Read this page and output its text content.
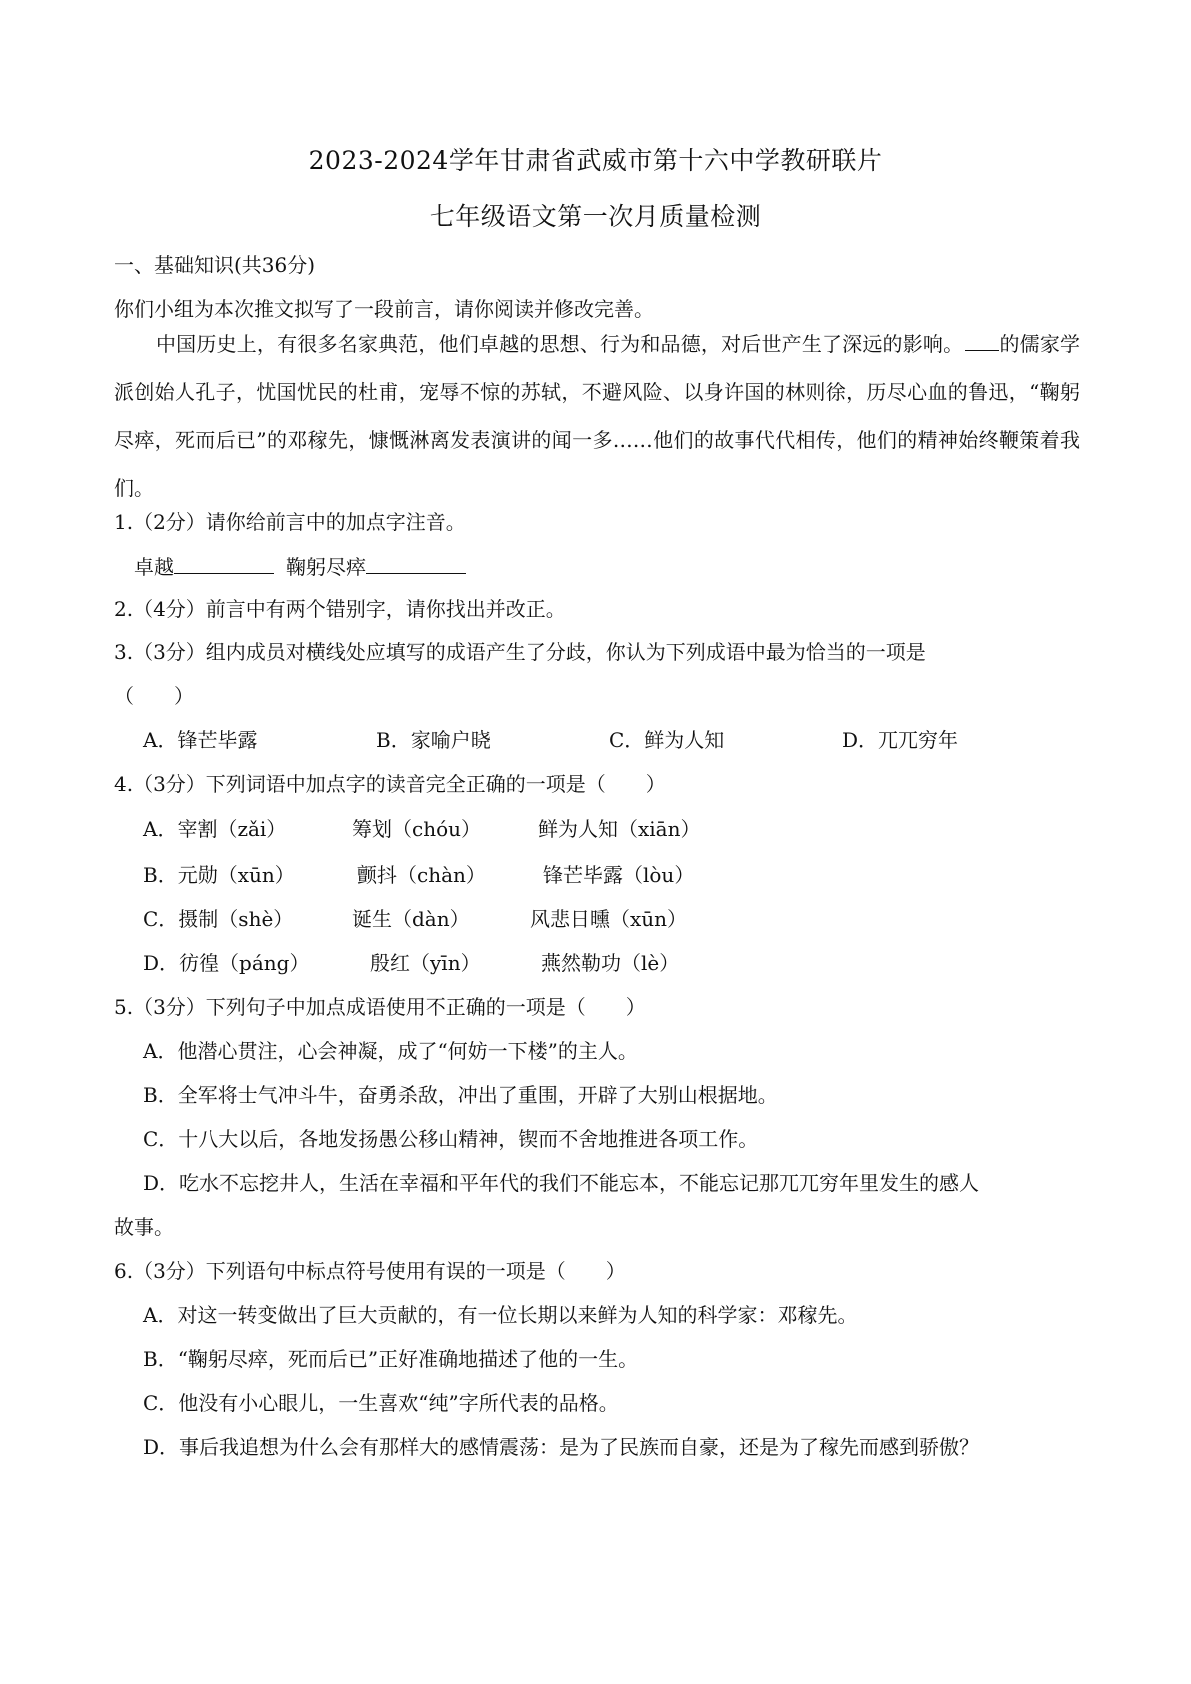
2023-2024学年甘肃省武威市第十六中学教研联片
七年级语文第一次月质量检测
一、基础知识(共36分)
你们小组为本次推文拟写了一段前言，请你阅读并修改完善。
中国历史上，有很多名家典范，他们卓越的思想、行为和品德，对后世产生了深远的影响。 的儒家学派创始人孔子，忧国忧民的杜甫，宠辱不惊的苏轼，不避风险、以身许国的林则徐，历尽心血的鲁迅，“鞠躬尽瘁，死而后已”的邓稼先，慷慨淋离发表演讲的闻一多……他们的故事代代相传，他们的精神始终鞭策着我们。
1.（2分）请你给前言中的加点字注音。
卓越	鞠躬尽瘁
2.（4分）前言中有两个错别字，请你找出并改正。
3.（3分）组内成员对横线处应填写的成语产生了分歧，你认为下列成语中最为恰当的一项是
（　　）
A．锋芒毕露	B．家喻户晓	C．鲜为人知	D．兀兀穷年
4.（3分）下列词语中加点字的读音完全正确的一项是（　　）
A．宰割（zǎi）	筹划（chóu）	鲜为人知（xiān）
B．元勋（xūn）	颤抖（chàn）	锋芒毕露（lòu）
C．摄制（shè）	诞生（dàn）	风悲日曛（xūn）
D．彷徨（páng）	殷红（yīn）	燕然勒功（lè）
5.（3分）下列句子中加点成语使用不正确的一项是（　　）
A．他潜心贯注，心会神凝，成了“何妨一下楼”的主人。
B．全军将士气冲斗牛，奋勇杀敌，冲出了重围，开辟了大别山根据地。
C．十八大以后，各地发扬愚公移山精神，锲而不舍地推进各项工作。
D．吃水不忘挖井人，生活在幸福和平年代的我们不能忘本，不能忘记那兀兀穷年里发生的感人
故事。
6.（3分）下列语句中标点符号使用有误的一项是（　　）
A．对这一转变做出了巨大贡献的，有一位长期以来鲜为人知的科学家：邓稼先。
B．“鞠躬尽瘁，死而后已”正好准确地描述了他的一生。
C．他没有小心眼儿，一生喜欢“纯”字所代表的品格。
D．事后我追想为什么会有那样大的感情震荡：是为了民族而自豪，还是为了稼先而感到骄傲？
